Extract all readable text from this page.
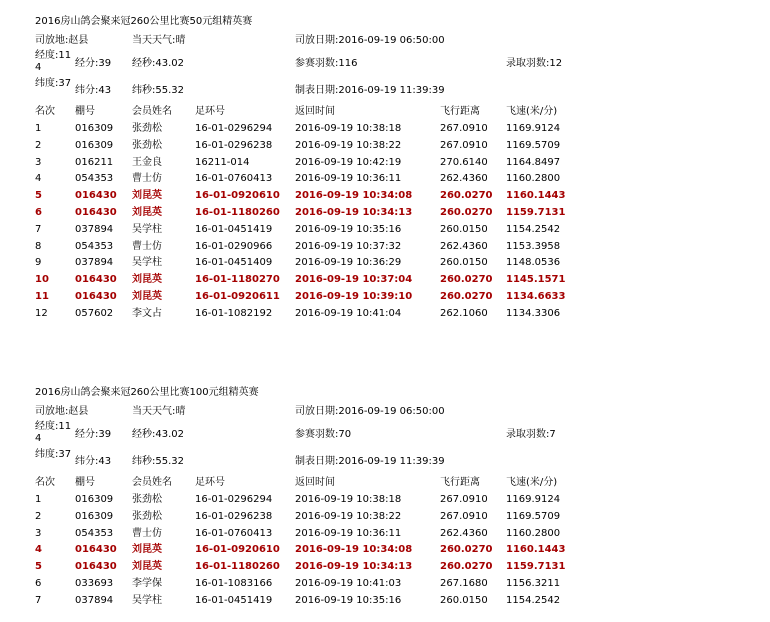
2016房山鸽会聚来冠260公里比赛50元组精英赛
司放地:赵县	当天天气:晴	司放日期:2016-09-19 06:50:00
经度:114	经分:39 经秒:43.02	参赛羽数:116	录取羽数:12
纬度:37
纬分:43 纬秒:55.32	制表日期:2016-09-19 11:39:39
名次 棚号	会员姓名 足环号	返回时间	飞行距离	飞速(米/分)
1	016309 张劲松	16-01-0296294 2016-09-19 10:38:18	267.0910 1169.9124
2	016309 张劲松	16-01-0296238 2016-09-19 10:38:22	267.0910 1169.5709
3	016211 王金良	16211-014	2016-09-19 10:42:19	270.6140 1164.8497
4	054353 曹士仿	16-01-0760413 2016-09-19 10:36:11	262.4360 1160.2800
5	016430 刘昆英	16-01-0920610 2016-09-19 10:34:08	260.0270 1160.1443
6	016430 刘昆英	16-01-1180260 2016-09-19 10:34:13	260.0270 1159.7131
7	037894 吴学柱	16-01-0451419 2016-09-19 10:35:16	260.0150 1154.2542
8	054353 曹士仿	16-01-0290966 2016-09-19 10:37:32	262.4360 1153.3958
9	037894 吴学柱	16-01-0451409 2016-09-19 10:36:29	260.0150 1148.0536
10	016430 刘昆英	16-01-1180270 2016-09-19 10:37:04	260.0270 1145.1571
11	016430 刘昆英	16-01-0920611 2016-09-19 10:39:10	260.0270 1134.6633
12	057602 李文占	16-01-1082192 2016-09-19 10:41:04	262.1060 1134.3306
2016房山鸽会聚来冠260公里比赛100元组精英赛
司放地:赵县	当天天气:晴	司放日期:2016-09-19 06:50:00
经度:114	经分:39 经秒:43.02	参赛羽数:70	录取羽数:7
纬度:37
纬分:43 纬秒:55.32	制表日期:2016-09-19 11:39:39
名次 棚号	会员姓名 足环号	返回时间	飞行距离	飞速(米/分)
1	016309 张劲松	16-01-0296294 2016-09-19 10:38:18	267.0910 1169.9124
2	016309 张劲松	16-01-0296238 2016-09-19 10:38:22	267.0910 1169.5709
3	054353 曹士仿	16-01-0760413 2016-09-19 10:36:11	262.4360 1160.2800
4	016430 刘昆英	16-01-0920610 2016-09-19 10:34:08	260.0270 1160.1443
5	016430 刘昆英	16-01-1180260 2016-09-19 10:34:13	260.0270 1159.7131
6	033693 李学保	16-01-1083166 2016-09-19 10:41:03	267.1680 1156.3211
7	037894 吴学柱	16-01-0451419 2016-09-19 10:35:16	260.0150 1154.2542
